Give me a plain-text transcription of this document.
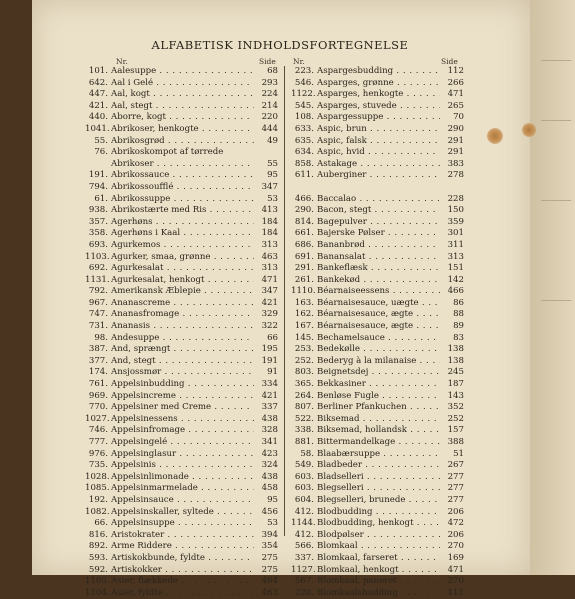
ALFABETISK INDHOLDSFORTEGNELSE
Nr.	Side Nr.	Side
101. Aalesuppe . . .	68
642. Aal i Gelé . . .	293
447. Aal, kogt . . .	224
421. Aal, stegt . . .	214
440. Aborre, kogt . . .	220
1041. Abrikoser, henkogte . . .	444
55. Abrikosgrød . . .	49
76. Abrikoskompot af tørrede
Abrikoser . . .	55
191. Abrikossauce . . .	95
794. Abrikossoufflé . . .	347
61. Abrikossuppe . . .	53
938. Abrikostærte med Ris . . .	413
357. Agerhøns . . .	184
358. Agerhøns i Kaal . . .	184
693. Agurkemos . . .	313
1103. Agurker, smaa, grønne . . .	463
692. Agurkesalat . . .	313
1131. Agurkesalat, henkogt . . .	471
792. Amerikansk Æblepie . . .	347
967. Ananascreme . . .	421
747. Ananasfromage . . .	329
731. Ananasis . . .	322
98. Andesuppe . . .	66
387. And, sprængt . . .	195
377. And, stegt . . .	191
174. Ansjossmør . . .	91
761. Appelsinbudding . . .	334
969. Appelsincreme . . .	421
770. Appelsiner med Creme . . .	337
1027. Appelsinessens . . .	438
746. Appelsinfromage . . .	328
777. Appelsingelé . . .	341
976. Appelsinglasur . . .	423
735. Appelsinis . . .	324
1028. Appelsinlimonade . . .	438
1085. Appelsinmarmelade . . .	458
192. Appelsinsauce . . .	95
1082. Appelsinskaller, syltede . . .	456
66. Appelsinsuppe . . .	53
816. Aristokrater . . .	394
892. Arme Riddere . . .	354
593. Artiskokbunde, fyldte . . .	275
592. Artiskokker . . .	275
1105. Asier, flækkede . . .	464
1104. Asier, fyldte . . .	463
223. Aspargesbudding . . .	112
546. Asparges, grønne . . .	266
1122. Asparges, henkogte . . .	471
545. Asparges, stuvede . . .	265
108. Aspargessuppe . . .	70
633. Aspic, brun . . .	290
635. Aspic, falsk . . .	291
634. Aspic, hvid . . .	291
858. Astakage . . .	383
611. Auberginer . . .	278
466. Baccalao . . .	228
290. Bacon, stegt . . .	150
814. Bagepulver . . .	359
661. Bajerske Pølser . . .	301
686. Bananbrød . . .	311
691. Banansalat . . .	313
291. Bankeflæsk . . .	151
261. Bankekød . . .	142
1110. Béarnaiseessens . . .	466
163. Béarnaisesauce, uægte . . .	86
162. Béarnaisesauce, ægte . . .	88
167. Béarnaisesauce, ægte . . .	89
145. Bechamelsauce . . .	83
253. Bedekølle . . .	138
252. Bederyg à la milanaise . . .	138
803. Beignetsdej . . .	245
365. Bekkasiner . . .	187
264. Benløse Fugle . . .	143
807. Berliner Pfankuchen . . .	352
522. Biksemad . . .	252
338. Biksemad, hollandsk . . .	157
881. Bittermandelkage . . .	388
58. Blaabærsuppe . . .	51
549. Bladbeder . . .	267
603. Bladselleri . . .	277
603. Blegselleri . . .	277
604. Blegselleri, brunede . . .	277
412. Blodbudding . . .	206
1144. Blodbudding, henkogt . . .	472
412. Blodpølser . . .	206
566. Blomkaal . . .	270
337. Blomkaal, farseret . . .	169
1127. Blomkaal, henkogt . . .	471
567. Blomkaal, paneret . . .	270
220. Blomkaalsbudding . . .	111
